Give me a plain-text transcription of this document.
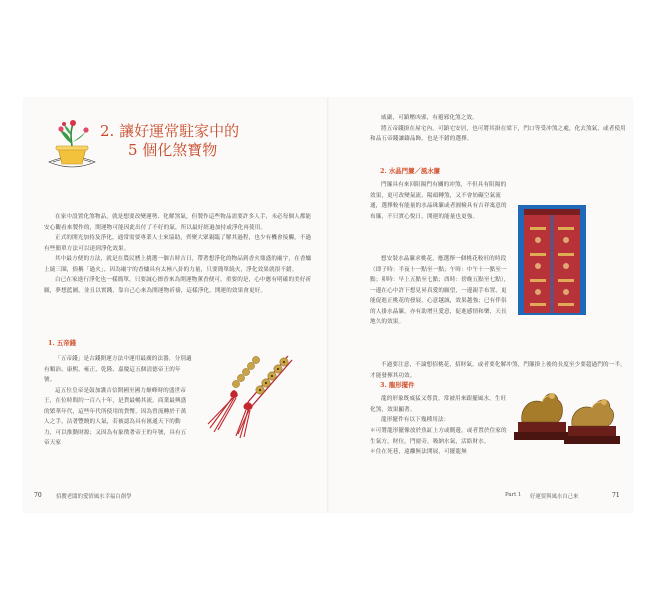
2. 讓好運常駐家中的
5 個化煞寶物

在家中設置化煞物品，就是想要改變運勢、化解煞氣，但製作這些物品需要許多人手，未必每個人都能安心觀看來製作的，開運物可能因此出付了不好的氣，所以最好經過加持或淨化再使用。

正式的開光加持及淨化，通常需要專業人士來協助，齊聚大眾親臨了解其過程，也少有機會接觸，不過有些簡單方法可以達到淨化效果。

其中最方便的方法，就是在農民曆上挑選一個吉時吉日，帶著想淨化的物品到香火鼎盛的廟宇，在香爐上繞三圈，俗稱「過火」，因為廟宇的香爐具有太極八卦的力量，只要簡單繞火，淨化效果就很不錯。

白已在家進行淨化也一樣簡單，只要誠心擦香來為開運物薰香便可，重要的是，心中應有明確的美好祈願，夢想藍圖，並且以實踐，靠自己心來為開運物祈禱，這樣淨化，開運的效果會更好。

1. 五帝錢

「五帝錢」是古錢開運方法中運用最廣的法器，分別適有順治、康熙、雍正、乾隆、嘉慶這五個清德帝王的年號。

這五位皇帝是鼓加護吉信開國至國力巔峰時的盛世帝王，在位時間約一百八十年，是貨最暢其流，商業最興盛的繁華年代，這些年代所使用的貨幣，因為曾流轉於千萬人之手，沾著豐饒的人氣，若被認為具有匯通天下的動力，可以推動財源；又因為有象徵著帝王的年號，具有五帝天家

70	招攬老闆的愛情風水幸福白創學

威嚴，可鎮壓凶邪，有避邪化煞之效。

將五帝錢掛在屋宅內，可鎮宅安居，也可將其掛在梁下，門口等受冲煞之處，化去煞氣，或者使用和品五帝錢讓鑄品飾，也是不錯的選擇。

2. 水晶門簾／風水簾

門簾具有來回阻隔門有關的冲煞，不但具有阻隔的效果，更可改變氣流、陽頭轉煞，又不會妨礙空氣流通，選擇較有能量的水晶珠簾或者圓檢具有吉祥寓意的布簾，不只實心悅日，開運的能量也更強。

想安裝水晶簾求桃花，應選擇一個桃花較旺的時段（即子時：半夜十一點至一點；午時：中午十一點至一點；卯時：早上五點至七點；酉時：傍晚五點至七點），一邊在心中許下想見昇真愛的願望，一邊親手布置，更能促進正桃花的發展，心意越誠，效果越強；已有伴侶的人掛水晶簾，亦有助增旦愛意，促進感情和樂，天長地久的效果。

不過要注意，不論想招桃花，招財氣，或者要化解冲煞，門簾掛上後的長度至少要超過門的一半，才能發揮其功效。

3. 龍形擺件

龍的形象既威猛又尊貴，常被用來跟擺風水，生旺化煞，效果顯著。

龍形擺件有以下幾種用法：

＊可將龍形擺像放於魚缸上方或側邊，或者置於住家的生氣方，財位，門窗旁，吸納水氣，活絡財水。
＊住在死巷，遠離無法開展，可擺龍無
Part 1 好運要與風水自己來	71
